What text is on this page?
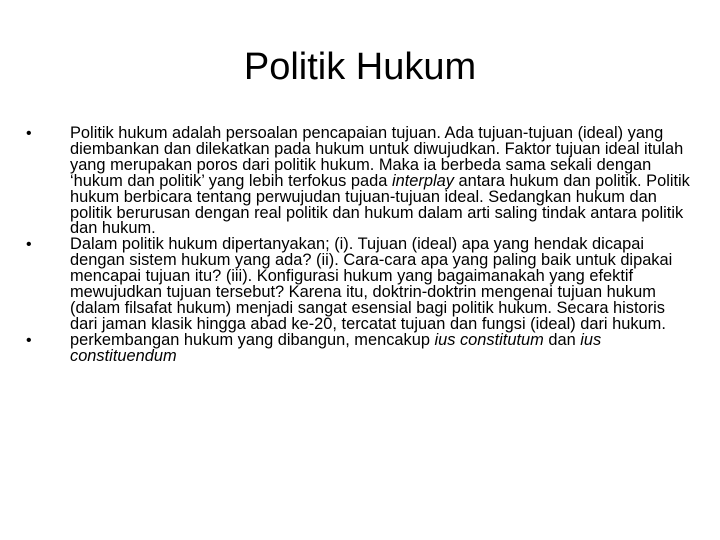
Politik Hukum
• Politik hukum adalah persoalan pencapaian tujuan. Ada tujuan-tujuan (ideal) yang diembankan dan dilekatkan pada hukum untuk diwujudkan. Faktor tujuan ideal itulah yang merupakan poros dari politik hukum. Maka ia berbeda sama sekali dengan ‘hukum dan politik’ yang lebih terfokus pada interplay antara hukum dan politik. Politik hukum berbicara tentang perwujudan tujuan-tujuan ideal. Sedangkan hukum dan politik berurusan dengan real politik dan hukum dalam arti saling tindak antara politik dan hukum.
• Dalam politik hukum dipertanyakan; (i). Tujuan (ideal) apa yang hendak dicapai dengan sistem hukum yang ada? (ii). Cara-cara apa yang paling baik untuk dipakai mencapai tujuan itu? (iii). Konfigurasi hukum yang bagaimanakah yang efektif mewujudkan tujuan tersebut? Karena itu, doktrin-doktrin mengenai tujuan hukum (dalam filsafat hukum) menjadi sangat esensial bagi politik hukum. Secara historis dari jaman klasik hingga abad ke-20, tercatat tujuan dan fungsi (ideal) dari hukum.
• perkembangan hukum yang dibangun, mencakup ius constitutum dan ius constituendum
